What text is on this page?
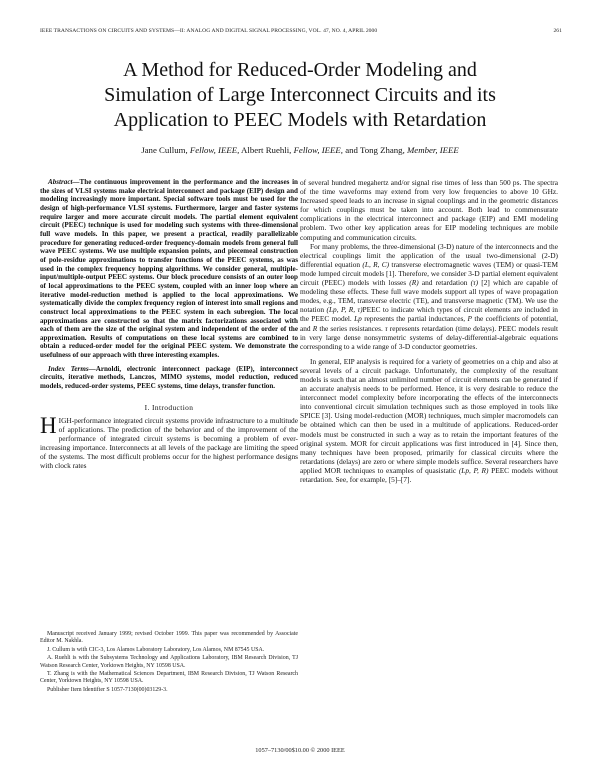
IEEE TRANSACTIONS ON CIRCUITS AND SYSTEMS—II: ANALOG AND DIGITAL SIGNAL PROCESSING, VOL. 47, NO. 4, APRIL 2000	261
A Method for Reduced-Order Modeling and
Simulation of Large Interconnect Circuits and its
Application to PEEC Models with Retardation
Jane Cullum, Fellow, IEEE, Albert Ruehli, Fellow, IEEE, and Tong Zhang, Member, IEEE

Abstract—The continuous improvement in the performance and the increases in the sizes of VLSI systems make electrical interconnect and package (EIP) design and modeling increasingly more important. Special software tools must be used for the design of high-performance VLSI systems. Furthermore, larger and faster systems require larger and more accurate circuit models. The partial element equivalent circuit (PEEC) technique is used for modeling such systems with three-dimensional full wave models. In this paper, we present a practical, readily parallelizable procedure for generating reduced-order frequency-domain models from general full wave PEEC systems. We use multiple expansion points, and piecemeal construction of pole-residue approximations to transfer functions of the PEEC systems, as was used in the complex frequency hopping algorithms. We consider general, multiple-input/multiple-output PEEC systems. Our block procedure consists of an outer loop of local approximations to the PEEC system, coupled with an inner loop where an iterative model-reduction method is applied to the local approximations. We systematically divide the complex frequency region of interest into small regions and construct local approximations to the PEEC system in each subregion. The local approximations are constructed so that the matrix factorizations associated with each of them are the size of the original system and independent of the order of the approximation. Results of computations on these local systems are combined to obtain a reduced-order model for the original PEEC system. We demonstrate the usefulness of our approach with three interesting examples.

Index Terms—Arnoldi, electronic interconnect package (EIP), interconnect circuits, iterative methods, Lanczos, MIMO systems, model reduction, reduced models, reduced-order systems, PEEC systems, time delays, transfer function.

I. Introduction

HIGH-performance integrated circuit systems provide infrastructure to a multitude of applications. The prediction of the behavior and of the improvement of the performance of integrated circuit systems is becoming a problem of ever-increasing importance. Interconnects at all levels of the package are limiting the speed of the systems. The most difficult problems occur for the highest performance designs with clock rates

of several hundred megahertz and/or signal rise times of less than 500 ps. The spectra of the time waveforms may extend from very low frequencies to above 10 GHz. Increased speed leads to an increase in signal couplings and in the geometric distances for which couplings must be taken into account. Both lead to commensurate complications in the electrical interconnect and package (EIP) and EMI modeling problem. Two other key application areas for EIP modeling techniques are mobile computing and communication circuits.

For many problems, the three-dimensional (3-D) nature of the interconnects and the electrical couplings limit the application of the usual two-dimensional (2-D) differential equation (L, R, C) transverse electromagnetic waves (TEM) or quasi-TEM mode lumped circuit models [1]. Therefore, we consider 3-D partial element equivalent circuit (PEEC) models with losses (R) and retardation (τ) [2] which are capable of modeling these effects. These full wave models support all types of wave propagation modes, e.g., TEM, transverse electric (TE), and transverse magnetic (TM). We use the notation (Lp, P, R, τ)PEEC to indicate which types of circuit elements are included in the PEEC model. Lp represents the partial inductances, P the coefficients of potential, and R the series resistances. τ represents retardation (time delays). PEEC models result in very large dense nonsymmetric systems of delay-differential-algebraic equations corresponding to a wide range of 3-D conductor geometries.

In general, EIP analysis is required for a variety of geometries on a chip and also at several levels of a circuit package. Unfortunately, the complexity of the resultant models is such that an almost unlimited number of circuit elements can be generated if an accurate analysis needs to be performed. Hence, it is very desirable to reduce the interconnect model complexity before incorporating the effects of the interconnects into conventional circuit simulation techniques such as those employed in tools like SPICE [3]. Using model-reduction (MOR) techniques, much simpler macromodels can be obtained which can then be used in a multitude of applications. Reduced-order models must be constructed in such a way as to retain the important features of the original system. MOR for circuit applications was first introduced in [4]. Since then, many techniques have been proposed, primarily for classical circuits where the retardations (delays) are zero or where simple models suffice. Several researchers have applied MOR techniques to examples of quasistatic (Lp, P, R) PEEC models without retardation. See, for example, [5]–[7].

Manuscript received January 1999; revised October 1999. This paper was recommended by Associate Editor M. Nakhla.

J. Cullum is with CIC-3, Los Alamos Laboratory Laboratory, Los Alamos, NM 87545 USA.

A. Ruehli is with the Subsystems Technology and Applications Laboratory, IBM Research Division, TJ Watson Research Center, Yorktown Heights, NY 10598 USA.

T. Zhang is with the Mathematical Sciences Department, IBM Research Division, TJ Watson Research Center, Yorktown Heights, NY 10598 USA.

Publisher Item Identifier S 1057-7130(00)03129-3.

1057–7130/00$10.00 © 2000 IEEE
